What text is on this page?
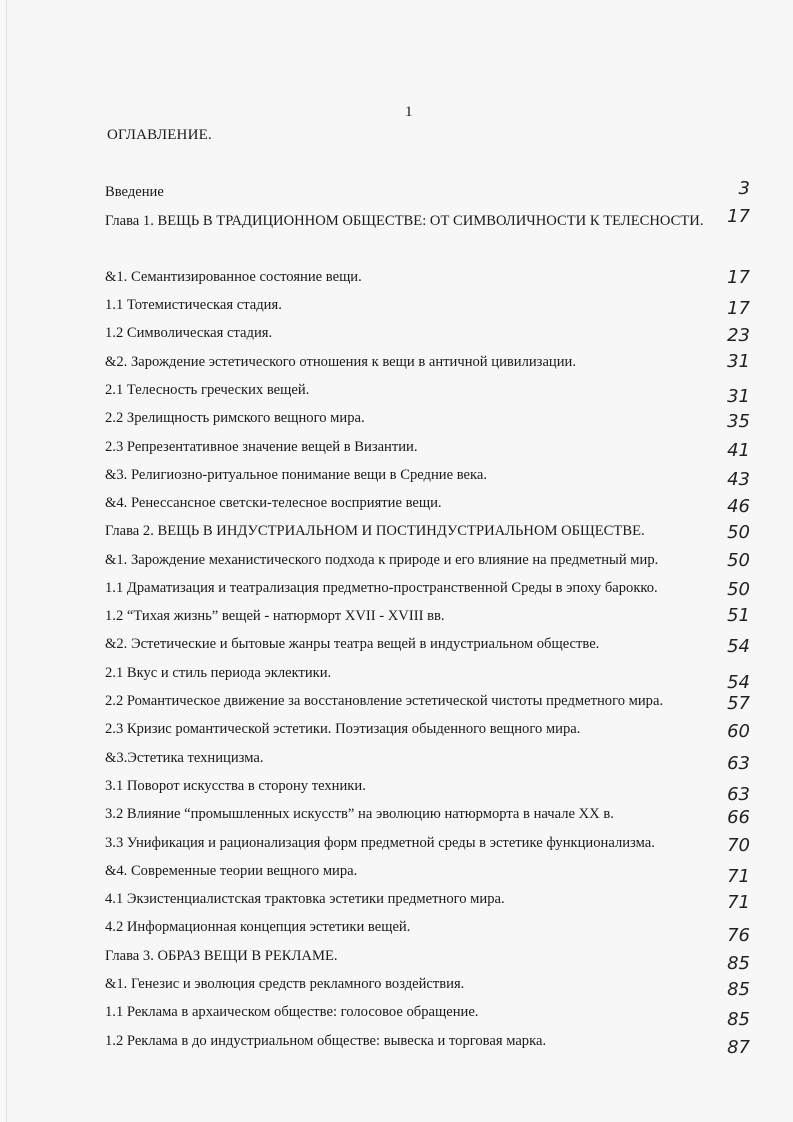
1
ОГЛАВЛЕНИЕ.
Введение	3
Глава 1. ВЕЩЬ В ТРАДИЦИОННОМ ОБЩЕСТВЕ: ОТ СИМВОЛИЧНОСТИ К ТЕЛЕСНОСТИ.	17
&1. Семантизированное состояние вещи.	17
1.1 Тотемистическая стадия.	17
1.2 Символическая стадия.	23
&2. Зарождение эстетического отношения к вещи в античной цивилизации.	31
2.1 Телесность греческих вещей.	31
2.2 Зрелищность римского вещного мира.	35
2.3 Репрезентативное значение вещей в Византии.	41
&3. Религиозно-ритуальное понимание вещи в Средние века.	43
&4. Ренессансное светски-телесное восприятие вещи.	46
Глава 2. ВЕЩЬ В ИНДУСТРИАЛЬНОМ И ПОСТИНДУСТРИАЛЬНОМ ОБЩЕСТВЕ.	50
&1. Зарождение механистического подхода к природе и его влияние на предметный мир.	50
1.1 Драматизация и театрализация предметно-пространственной Среды в эпоху барокко.	50
1.2 “Тихая жизнь” вещей - натюрморт XVII - XVIII вв.	51
&2. Эстетические и бытовые жанры театра вещей в индустриальном обществе.	54
2.1 Вкус и стиль периода эклектики.	54
2.2 Романтическое движение за восстановление эстетической чистоты предметного мира.	57
2.3 Кризис романтической эстетики. Поэтизация обыденного вещного мира.	60
&3.Эстетика техницизма.	63
3.1 Поворот искусства в сторону техники.	63
3.2 Влияние “промышленных искусств” на эволюцию натюрморта в начале XX в.	66
3.3 Унификация и рационализация форм предметной среды в эстетике функционализма.	70
&4. Современные теории вещного мира.	71
4.1 Экзистенциалистская трактовка эстетики предметного мира.	71
4.2 Информационная концепция эстетики вещей.	76
Глава 3. ОБРАЗ ВЕЩИ В РЕКЛАМЕ.	85
&1. Генезис и эволюция средств рекламного воздействия.	85
1.1 Реклама в архаическом обществе: голосовое обращение.	85
1.2 Реклама в до индустриальном обществе: вывеска и торговая марка.	87
